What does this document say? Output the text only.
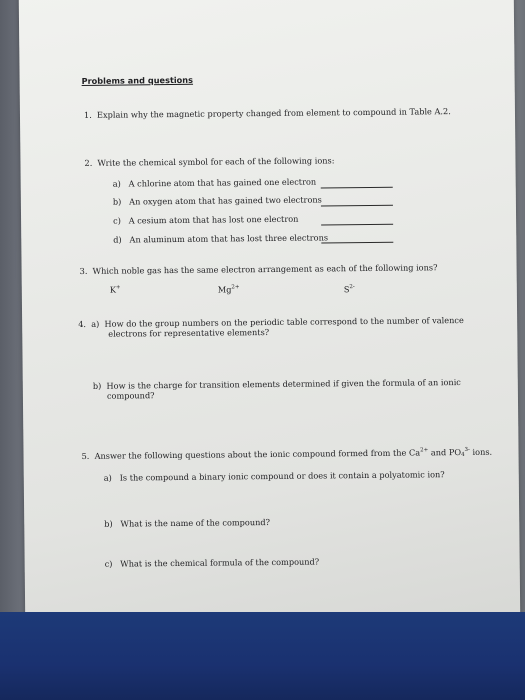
Problems and questions
1. Explain why the magnetic property changed from element to compound in Table A.2.
2. Write the chemical symbol for each of the following ions:
a) A chlorine atom that has gained one electron
b) An oxygen atom that has gained two electrons
c) A cesium atom that has lost one electron
d) An aluminum atom that has lost three electrons
3. Which noble gas has the same electron arrangement as each of the following ions?
K+	$Mg^{2+}$	$S^{2-}$
4. a) How do the group numbers on the periodic table correspond to the number of valence
electrons for representative elements?
b) How is the charge for transition elements determined if given the formula of an ionic
compound?
5. Answer the following questions about the ionic compound formed from the $Ca^{2+}$ and $PO_4^{3-}$ ions.
a) Is the compound a binary ionic compound or does it contain a polyatomic ion?
b) What is the name of the compound?
c) What is the chemical formula of the compound?
